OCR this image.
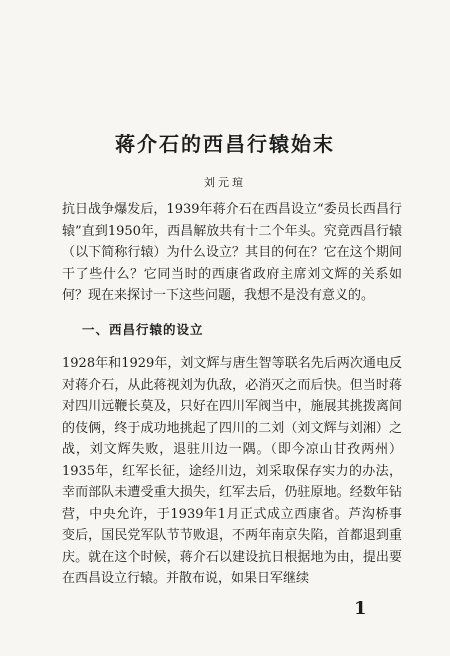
蒋介石的西昌行辕始末
刘元瑄

抗日战争爆发后，1939年蒋介石在西昌设立“委员长西昌行辕”直到1950年，西昌解放共有十二个年头。究竟西昌行辕（以下简称行辕）为什么设立？其目的何在？它在这个期间干了些什么？它同当时的西康省政府主席刘文辉的关系如何？现在来探讨一下这些问题，我想不是没有意义的。

一、西昌行辕的设立

1928年和1929年，刘文辉与唐生智等联名先后两次通电反对蒋介石，从此蒋视刘为仇敌，必消灭之而后快。但当时蒋对四川远鞭长莫及，只好在四川军阀当中，施展其挑拨离间的伎俩，终于成功地挑起了四川的二刘（刘文辉与刘湘）之战，刘文辉失败，退驻川边一隅。（即今凉山甘孜两州）1935年，红军长征，途经川边，刘采取保存实力的办法，幸而部队未遭受重大损失，红军去后，仍驻原地。经数年钻营，中央允许，于1939年1月正式成立西康省。芦沟桥事变后，国民党军队节节败退，不两年南京失陷，首都退到重庆。就在这个时候，蒋介石以建设抗日根据地为由，提出要在西昌设立行辕。并散布说，如果日军继续

1
